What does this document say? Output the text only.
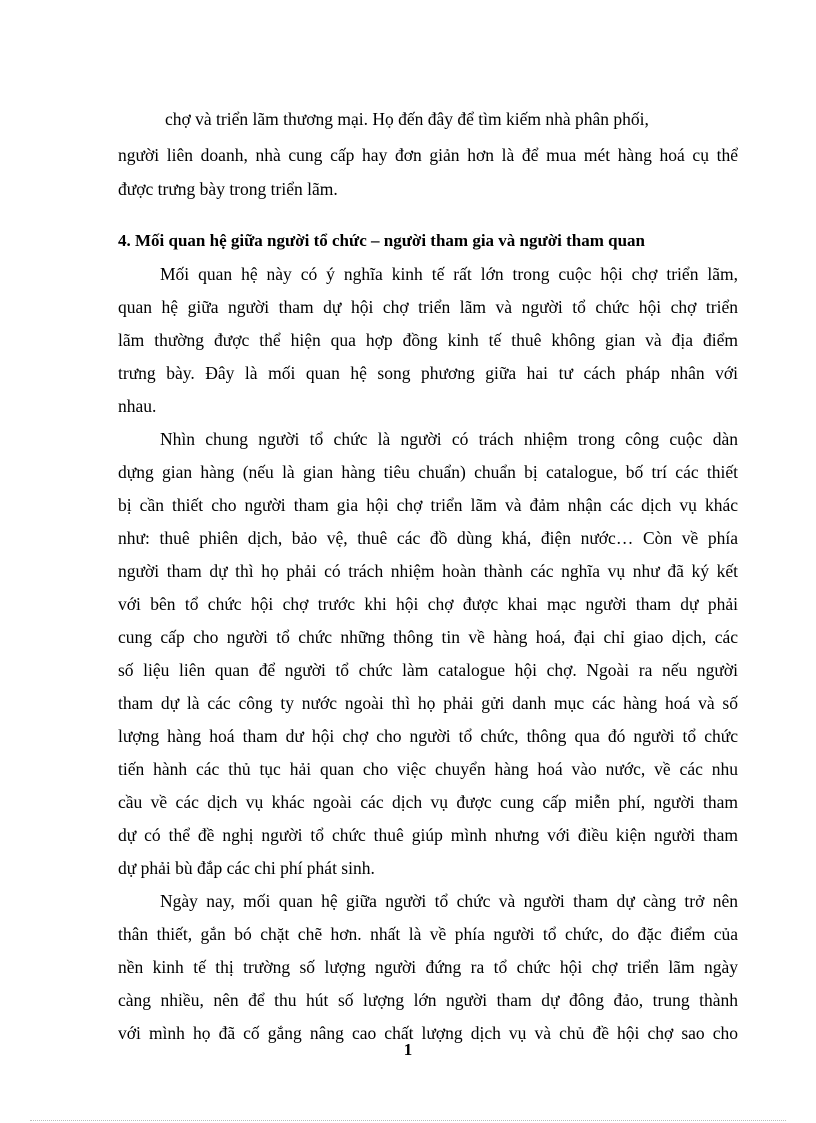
chợ và triển lãm thương mại. Họ đến đây để tìm kiếm nhà phân phối,
người liên doanh, nhà cung cấp hay đơn giản hơn là để mua mét hàng hoá cụ thể
được trưng bày trong triển lãm.
4. Mối quan hệ giữa người tổ chức – người tham gia và người tham quan
Mối quan hệ này có ý nghĩa kinh tế rất lớn trong cuộc hội chợ triển lãm,
quan hệ giữa người tham dự hội chợ triển lãm và người tổ chức hội chợ triển
lãm thường được thể hiện qua hợp đồng kinh tế thuê không gian và địa điểm
trưng bày. Đây là mối quan hệ song phương giữa hai tư cách pháp nhân với
nhau.
Nhìn chung người tổ chức là người có trách nhiệm trong công cuộc dàn
dựng gian hàng (nếu là gian hàng tiêu chuẩn) chuẩn bị catalogue, bố trí các thiết
bị cần thiết cho người tham gia hội chợ triển lãm và đảm nhận các dịch vụ khác
như: thuê phiên dịch, bảo vệ, thuê các đồ dùng khá, điện nước… Còn về phía
người tham dự thì họ phải có trách nhiệm hoàn thành các nghĩa vụ như đã ký kết
với bên tổ chức hội chợ trước khi hội chợ được khai mạc người tham dự phải
cung cấp cho người tổ chức những thông tin về hàng hoá, đại chỉ giao dịch, các
số liệu liên quan để người tổ chức làm catalogue hội chợ. Ngoài ra nếu người
tham dự là các công ty nước ngoài thì họ phải gửi danh mục các hàng hoá và số
lượng hàng hoá tham dư hội chợ cho người tổ chức, thông qua đó người tổ chức
tiến hành các thủ tục hải quan cho việc chuyển hàng hoá vào nước, về các nhu
cầu về các dịch vụ khác ngoài các dịch vụ được cung cấp miễn phí, người tham
dự có thể đề nghị người tổ chức thuê giúp mình nhưng với điều kiện người tham
dự phải bù đắp các chi phí phát sinh.
Ngày nay, mối quan hệ giữa người tổ chức và người tham dự càng trở nên
thân thiết, gắn bó chặt chẽ hơn. nhất là về phía người tổ chức, do đặc điểm của
nền kinh tế thị trường số lượng người đứng ra tổ chức hội chợ triển lãm ngày
càng nhiều, nên để thu hút số lượng lớn người tham dự đông đảo, trung thành
với mình họ đã cố gắng nâng cao chất lượng dịch vụ và chủ đề hội chợ sao cho
1
